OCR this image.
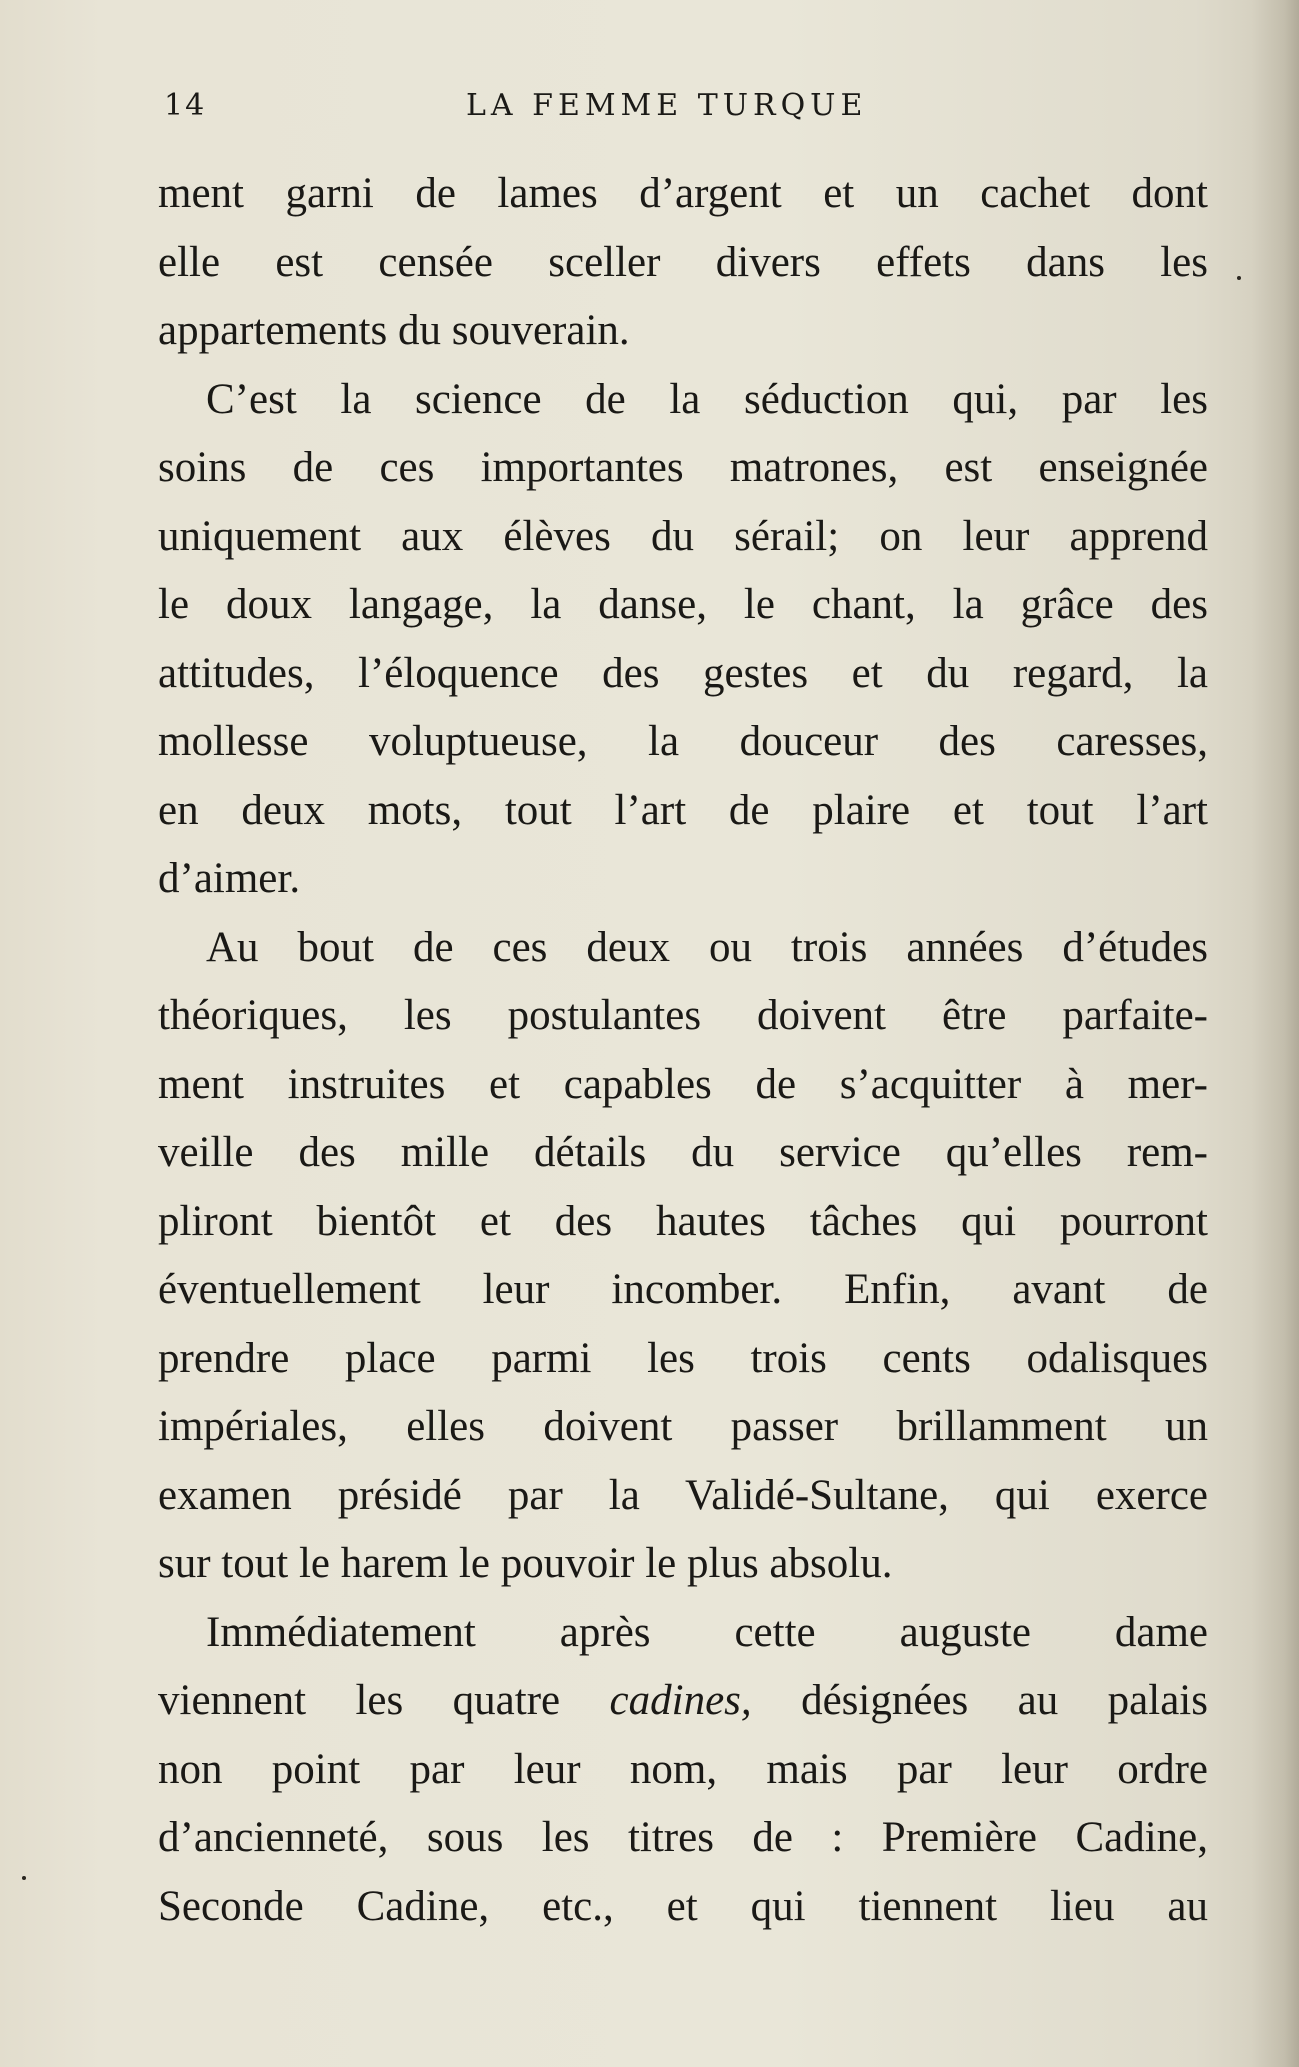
14	LA FEMME TURQUE
ment garni de lames d’argent et un cachet dont
elle est censée sceller divers effets dans les
appartements du souverain.
C’est la science de la séduction qui, par les
soins de ces importantes matrones, est enseignée
uniquement aux élèves du sérail; on leur apprend
le doux langage, la danse, le chant, la grâce des
attitudes, l’éloquence des gestes et du regard, la
mollesse voluptueuse, la douceur des caresses,
en deux mots, tout l’art de plaire et tout l’art
d’aimer.
Au bout de ces deux ou trois années d’études
théoriques, les postulantes doivent être parfaite-
ment instruites et capables de s’acquitter à mer-
veille des mille détails du service qu’elles rem-
pliront bientôt et des hautes tâches qui pourront
éventuellement leur incomber. Enfin, avant de
prendre place parmi les trois cents odalisques
impériales, elles doivent passer brillamment un
examen présidé par la Validé-Sultane, qui exerce
sur tout le harem le pouvoir le plus absolu.
Immédiatement après cette auguste dame
viennent les quatre cadines, désignées au palais
non point par leur nom, mais par leur ordre
d’ancienneté, sous les titres de : Première Cadine,
Seconde Cadine, etc., et qui tiennent lieu au
